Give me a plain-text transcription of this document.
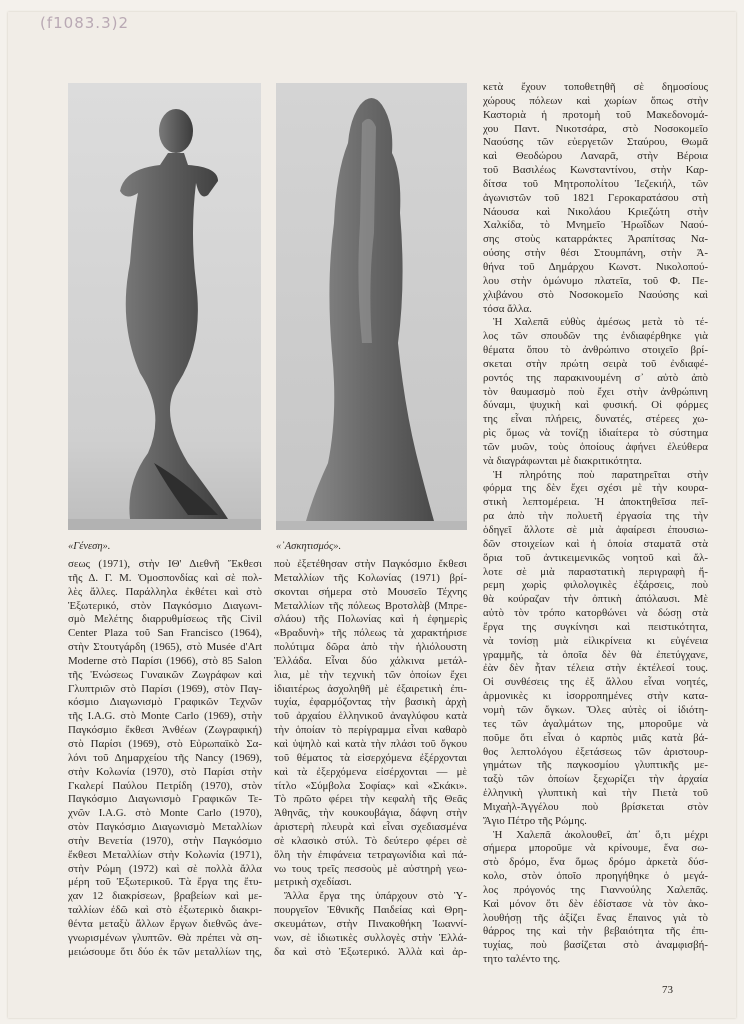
(f1083.3)2
«Γένεση».	«᾿Ασκητισμός».
σεως (1971), στὴν ΙΘ' Διεθνῆ Ἔκθεσι
τῆς Δ. Γ. Μ. Ὁμοσπονδίας καὶ σὲ πολ-
λὲς ἄλλες. Παράλληλα ἐκθέτει καὶ στὸ
Ἐξωτερικό, στὸν Παγκόσμιο Διαγωνι-
σμὸ Μελέτης διαρρυθμίσεως τῆς Civil
Center Plaza τοῦ San Francisco (1964),
στὴν Στουτγάρδη (1965), στὸ Musée d'Art
Moderne στὸ Παρίσι (1966), στὸ 85 Salon
τῆς Ἑνώσεως Γυναικῶν Ζωγράφων καὶ
Γλυπτριῶν στὸ Παρίσι (1969), στὸν Παγ-
κόσμιο Διαγωνισμὸ Γραφικῶν Τεχνῶν
τῆς I.A.G. στὸ Monte Carlo (1969), στὴν
Παγκόσμιο ἔκθεσι Ἀνθέων (Ζωγραφική)
στὸ Παρίσι (1969), στὸ Εὐρωπαϊκὸ Σα-
λόνι τοῦ Δημαρχείου τῆς Nancy (1969),
στὴν Κολωνία (1970), στὸ Παρίσι στὴν
Γκαλερί Παύλου Πετρίδη (1970), στὸν
Παγκόσμιο Διαγωνισμὸ Γραφικῶν Τε-
χνῶν I.A.G. στὸ Monte Carlo (1970),
στὸν Παγκόσμιο Διαγωνισμὸ Μεταλλίων
στὴν Βενετία (1970), στὴν Παγκόσμιο
ἔκθεσι Μεταλλίων στὴν Κολωνία (1971),
στὴν Ρώμη (1972) καὶ σὲ πολλὰ ἄλλα
μέρη τοῦ Ἐξωτερικοῦ. Τὰ ἔργα της ἔτυ-
χαν 12 διακρίσεων, βραβείων καὶ με-
ταλλίων ἐδῶ καὶ στὸ ἐξωτερικὸ διακρι-
θέντα μεταξὺ ἄλλων ἔργων διεθνῶς ἀνε-
γνωρισμένων γλυπτῶν. Θὰ πρέπει νὰ ση-
μειώσουμε ὅτι δύο ἐκ τῶν μεταλλίων της,
ποὺ ἐξετέθησαν στὴν Παγκόσμιο ἔκθεσι
Μεταλλίων τῆς Κολωνίας (1971) βρί-
σκονται σήμερα στὸ Μουσεῖο Τέχνης
Μεταλλίων τῆς πόλεως Βροτσλὰβ (Μπρε-
σλάου) τῆς Πολωνίας καὶ ἡ ἐφημερὶς
«Βραδυνὴ» τῆς πόλεως τὰ χαρακτήρισε
πολύτιμα δῶρα ἀπὸ τὴν ἡλιόλουστη
Ἑλλάδα. Εἶναι δύο χάλκινα μετάλ-
λια, μὲ τὴν τεχνικὴ τῶν ὁποίων ἔχει
ἰδιαιτέρως ἀσχοληθῆ μὲ ἐξαιρετικὴ ἐπι-
τυχία, ἐφαρμόζοντας τὴν βασικὴ ἀρχὴ
τοῦ ἀρχαίου ἑλληνικοῦ ἀναγλύφου κατὰ
τὴν ὁποίαν τὸ περίγραμμα εἶναι καθαρὸ
καὶ ὑψηλὸ καὶ κατὰ τὴν πλάσι τοῦ ὄγκου
τοῦ θέματος τὰ εἰσερχόμενα ἐξέρχονται
καὶ τὰ ἐξερχόμενα εἰσέρχονται — μὲ
τίτλο «Σύμβολα Σοφίας» καὶ «Σκάκι».
Τὸ πρῶτο φέρει τὴν κεφαλὴ τῆς Θεᾶς
Ἀθηνᾶς, τὴν κουκουβάγια, δάφνη στὴν
ἀριστερὴ πλευρὰ καὶ εἶναι σχεδιασμένα
σὲ κλασικὸ στύλ. Τὸ δεύτερο φέρει σὲ
ὅλη τὴν ἐπιφάνεια τετραγωνίδια καὶ πά-
νω τους τρεῖς πεσσοὺς μὲ αὐστηρὴ γεω-
μετρικὴ σχεδίασι.
Ἄλλα ἔργα της ὑπάρχουν στὸ Ὑ-
πουργεῖον Ἐθνικῆς Παιδείας καὶ Θρη-
σκευμάτων, στὴν Πινακοθήκη Ἰωαννί-
νων, σὲ ἰδιωτικὲς συλλογὲς στὴν Ἑλλά-
δα καὶ στὸ Ἐξωτερικό. Ἀλλὰ καὶ ἀρ-
κετὰ ἔχουν τοποθετηθῆ σὲ δημοσίους
χώρους πόλεων καὶ χωρίων ὅπως στὴν
Καστοριὰ ἡ προτομὴ τοῦ Μακεδονομά-
χου Παντ. Νικοτσάρα, στὸ Νοσοκομεῖο
Ναούσης τῶν εὐεργετῶν Σταύρου, Θωμᾶ
καὶ Θεοδώρου Λαναρᾶ, στὴν Βέροια
τοῦ Βασιλέως Κωνσταντίνου, στὴν Καρ-
δίτσα τοῦ Μητροπολίτου Ἰεζεκιήλ, τῶν
ἀγωνιστῶν τοῦ 1821 Γεροκαρατάσου στὴ
Νάουσα καὶ Νικολάου Κριεζώτη στὴν
Χαλκίδα, τὸ Μνημεῖο Ἡρωΐδων Ναού-
σης στοὺς καταρράκτες Ἀραπίτσας Να-
ούσης στὴν θέσι Στουμπάνη, στὴν Ἀ-
θήνα τοῦ Δημάρχου Κωνστ. Νικολοπού-
λου στὴν ὁμώνυμο πλατεῖα, τοῦ Φ. Πε-
χλιβάνου στὸ Νοσοκομεῖο Ναούσης καὶ
τόσα ἄλλα.
Ἡ Χαλεπᾶ εὐθὺς ἀμέσως μετὰ τὸ τέ-
λος τῶν σπουδῶν της ἐνδιαφέρθηκε γιὰ
θέματα ὅπου τὸ ἀνθρώπινο στοιχεῖο βρί-
σκεται στὴν πρώτη σειρὰ τοῦ ἐνδιαφέ-
ροντός της παρακινουμένη σ᾿ αὐτὸ ἀπὸ
τὸν θαυμασμὸ ποὺ ἔχει στὴν ἀνθρώπινη
δύναμι, ψυχικὴ καὶ φυσική. Οἱ φόρμες
της εἶναι πλήρεις, δυνατές, στέρεες χω-
ρὶς ὅμως νὰ τονίζῃ ἰδιαίτερα τὸ σύστημα
τῶν μυῶν, τοὺς ὁποίους ἀφήνει ἐλεύθερα
νὰ διαγράφωνται μὲ διακριτικότητα.
Ἡ πληρότης ποὺ παρατηρεῖται στὴν
φόρμα της δὲν ἔχει σχέσι μὲ τὴν κουρα-
στικὴ λεπτομέρεια. Ἡ ἀποκτηθεῖσα πεῖ-
ρα ἀπὸ τὴν πολυετῆ ἐργασία της τὴν
ὁδηγεῖ ἄλλοτε σὲ μιὰ ἀφαίρεσι ἐπουσιω-
δῶν στοιχείων καὶ ἡ ὁποία σταματᾶ στὰ
ὅρια τοῦ ἀντικειμενικῶς νοητοῦ καὶ ἄλ-
λοτε σὲ μιὰ παραστατικὴ περιγραφὴ ἤ-
ρεμη χωρὶς φιλολογικὲς ἐξάρσεις, ποὺ
θὰ κούραζαν τὴν ὀπτικὴ ἀπόλαυσι. Μὲ
αὐτὸ τὸν τρόπο κατορθώνει νὰ δώσῃ στὰ
ἔργα της συγκίνησι καὶ πειστικότητα,
νὰ τονίσῃ μιὰ εἰλικρίνεια κι εὐγένεια
γραμμῆς, τὰ ὁποῖα δὲν θὰ ἐπετύγχανε,
ἐὰν δὲν ἦταν τέλεια στὴν ἐκτέλεσί τους.
Οἱ συνθέσεις της ἐξ ἄλλου εἶναι νοητές,
ἁρμονικὲς κι ἰσορροπημένες στὴν κατα-
νομὴ τῶν ὄγκων. Ὅλες αὐτὲς οἱ ἰδιότη-
τες τῶν ἀγαλμάτων της, μποροῦμε νὰ
ποῦμε ὅτι εἶναι ὁ καρπὸς μιᾶς κατὰ βά-
θος λεπτολόγου ἐξετάσεως τῶν ἀριστουρ-
γημάτων τῆς παγκοσμίου γλυπτικῆς με-
ταξὺ τῶν ὁποίων ξεχωρίζει τὴν ἀρχαία
ἑλληνικὴ γλυπτικὴ καὶ τὴν Πιετὰ τοῦ
Μιχαὴλ-Ἀγγέλου ποὺ βρίσκεται στὸν
Ἅγιο Πέτρο τῆς Ρώμης.
Ἡ Χαλεπᾶ ἀκολουθεῖ, ἀπ᾿ ὅ,τι μέχρι
σήμερα μποροῦμε νὰ κρίνουμε, ἕνα σω-
στὸ δρόμο, ἕνα ὅμως δρόμο ἀρκετὰ δύσ-
κολο, στὸν ὁποῖο προηγήθηκε ὁ μεγά-
λος πρόγονός της Γιαννούλης Χαλεπᾶς.
Καὶ μόνον ὅτι δὲν ἐδίστασε νὰ τὸν ἀκο-
λουθήσῃ τῆς ἀξίζει ἕνας ἔπαινος γιὰ τὸ
θάρρος της καὶ τὴν βεβαιότητα τῆς ἐπι-
τυχίας, ποὺ βασίζεται στὸ ἀναμφισβή-
τητο ταλέντο της.
73
